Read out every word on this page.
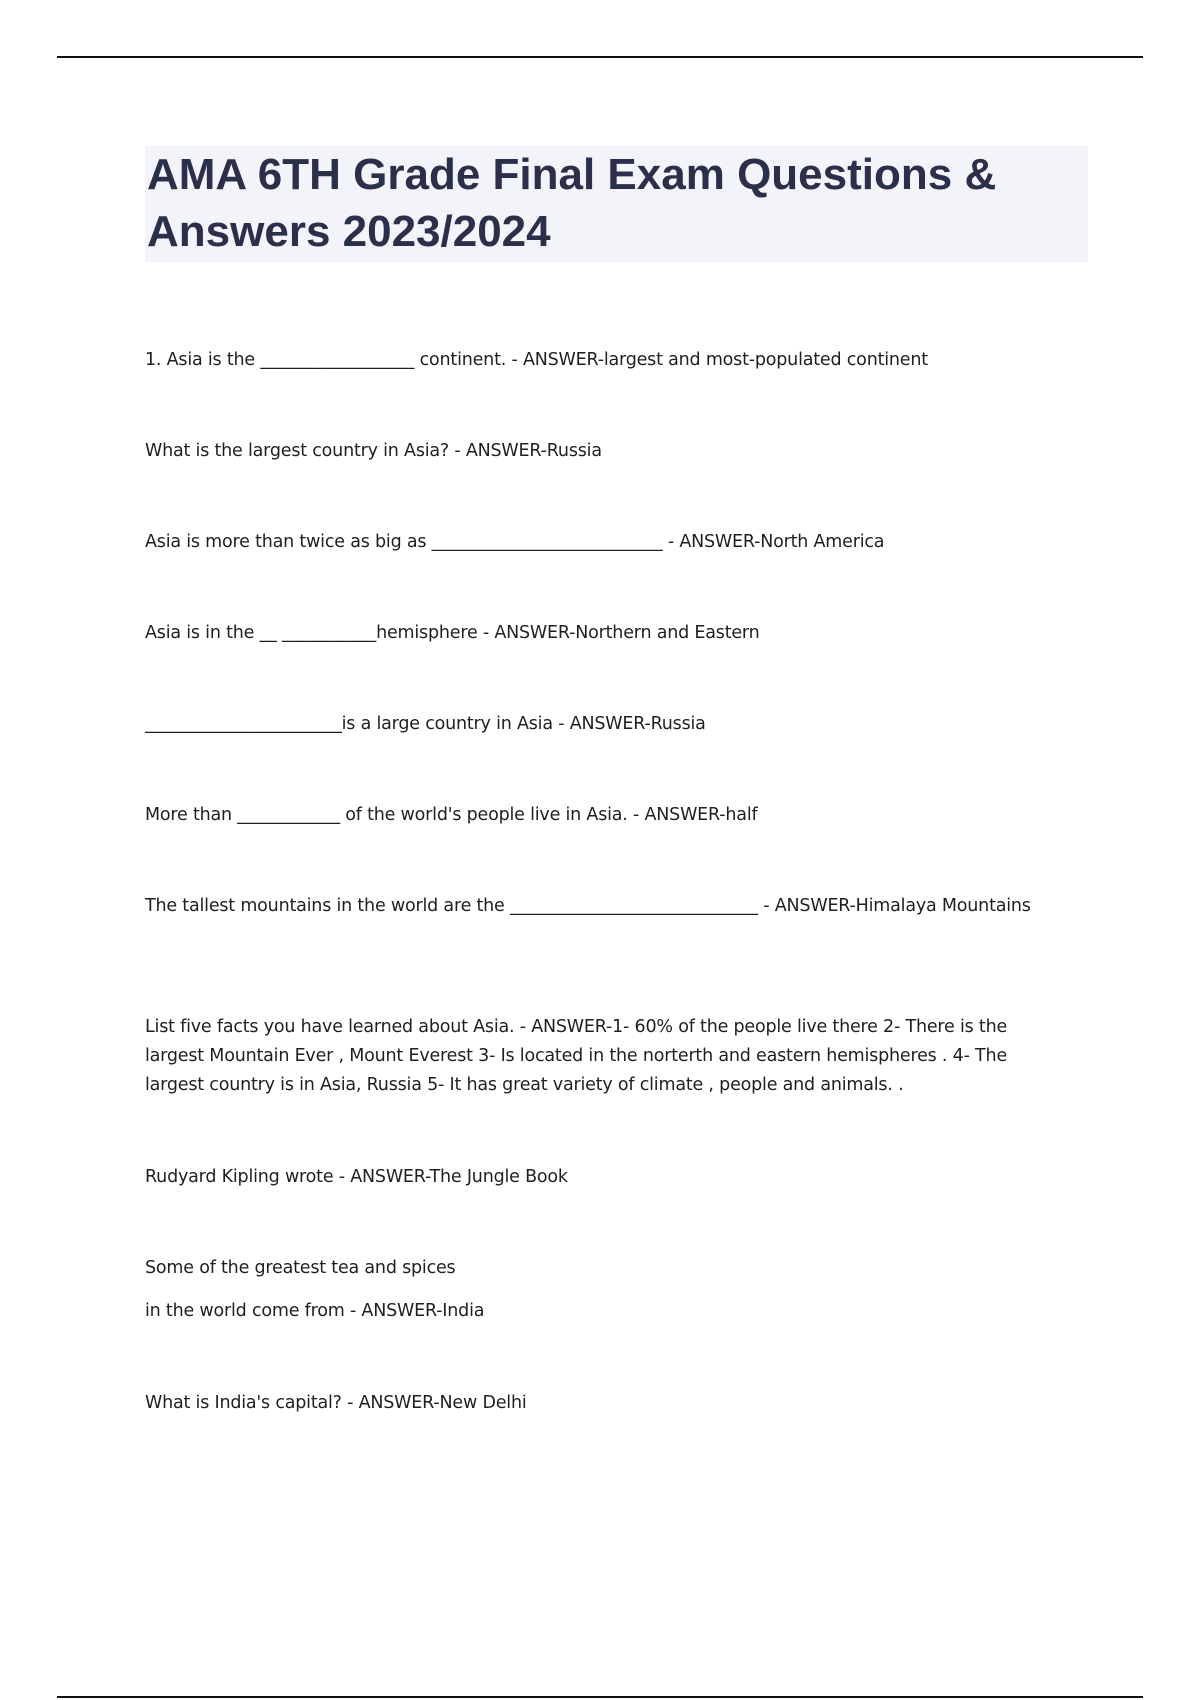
AMA 6TH Grade Final Exam Questions & Answers 2023/2024

1. Asia is the __________________ continent. - ANSWER-largest and most-populated continent

What is the largest country in Asia? - ANSWER-Russia

Asia is more than twice as big as ___________________________ - ANSWER-North America

Asia is in the __ ___________hemisphere - ANSWER-Northern and Eastern

_______________________is a large country in Asia - ANSWER-Russia

More than ____________ of the world's people live in Asia. - ANSWER-half

The tallest mountains in the world are the _____________________________ - ANSWER-Himalaya Mountains

List five facts you have learned about Asia. - ANSWER-1- 60% of the people live there 2- There is the largest Mountain Ever , Mount Everest 3- Is located in the norterth and eastern hemispheres . 4- The largest country is in Asia, Russia 5- It has great variety of climate , people and animals. .

Rudyard Kipling wrote - ANSWER-The Jungle Book

Some of the greatest tea and spices

in the world come from - ANSWER-India

What is India's capital? - ANSWER-New Delhi
